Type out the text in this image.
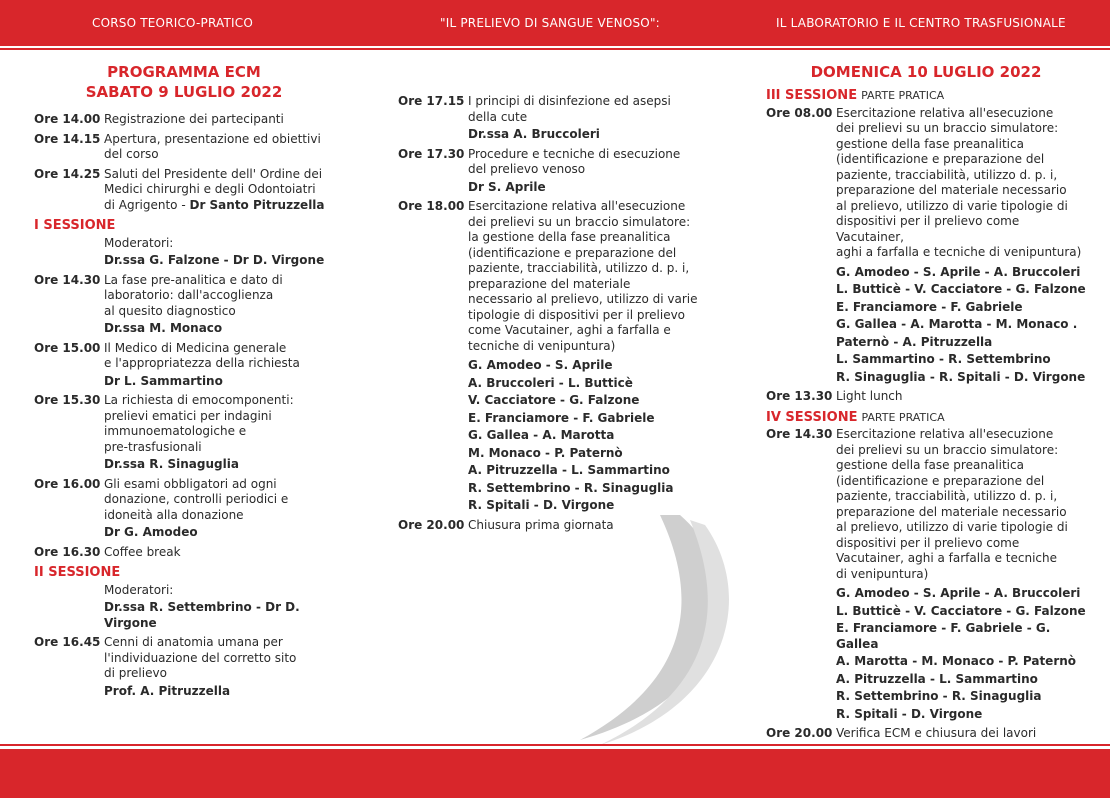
CORSO TEORICO-PRATICO	"IL PRELIEVO DI SANGUE VENOSO":	IL LABORATORIO E IL CENTRO TRASFUSIONALE
PROGRAMMA ECM
SABATO 9 LUGLIO 2022
Ore 14.00 Registrazione dei partecipanti
Ore 14.15 Apertura, presentazione ed obiettivi
del corso
Ore 14.25 Saluti del Presidente dell' Ordine dei
Medici chirurghi e degli Odontoiatri
di Agrigento - Dr Santo Pitruzzella
I SESSIONE
Moderatori:
Dr.ssa G. Falzone - Dr D. Virgone
Ore 14.30 La fase pre-analitica e dato di
laboratorio: dall'accoglienza
al quesito diagnostico
Dr.ssa M. Monaco
Ore 15.00 Il Medico di Medicina generale
e l'appropriatezza della richiesta
Dr L. Sammartino
Ore 15.30 La richiesta di emocomponenti:
prelievi ematici per indagini
immunoematologiche e
pre-trasfusionali
Dr.ssa R. Sinaguglia
Ore 16.00 Gli esami obbligatori ad ogni
donazione, controlli periodici e
idoneità alla donazione
Dr G. Amodeo
Ore 16.30 Coffee break
II SESSIONE
Moderatori:
Dr.ssa R. Settembrino - Dr D. Virgone
Ore 16.45 Cenni di anatomia umana per
l'individuazione del corretto sito
di prelievo
Prof. A. Pitruzzella
Ore 17.15 I principi di disinfezione ed asepsi
della cute
Dr.ssa A. Bruccoleri
Ore 17.30 Procedure e tecniche di esecuzione
del prelievo venoso
Dr S. Aprile
Ore 18.00 Esercitazione relativa all'esecuzione
dei prelievi su un braccio simulatore:
la gestione della fase preanalitica
(identificazione e preparazione del
paziente, tracciabilità, utilizzo d. p. i,
preparazione del materiale
necessario al prelievo, utilizzo di varie
tipologie di dispositivi per il prelievo
come Vacutainer, aghi a farfalla e
tecniche di venipuntura)
G. Amodeo - S. Aprile
A. Bruccoleri - L. Butticè
V. Cacciatore - G. Falzone
E. Franciamore - F. Gabriele
G. Gallea - A. Marotta
M. Monaco - P. Paternò
A. Pitruzzella - L. Sammartino
R. Settembrino - R. Sinaguglia
R. Spitali - D. Virgone
Ore 20.00 Chiusura prima giornata
DOMENICA 10 LUGLIO 2022
III SESSIONE PARTE PRATICA
Ore 08.00 Esercitazione relativa all'esecuzione
dei prelievi su un braccio simulatore:
gestione della fase preanalitica
(identificazione e preparazione del
paziente, tracciabilità, utilizzo d. p. i,
preparazione del materiale necessario
al prelievo, utilizzo di varie tipologie di
dispositivi per il prelievo come Vacutainer,
aghi a farfalla e tecniche di venipuntura)
G. Amodeo - S. Aprile - A. Bruccoleri
L. Butticè - V. Cacciatore - G. Falzone
E. Franciamore - F. Gabriele
G. Gallea - A. Marotta - M. Monaco .
Paternò - A. Pitruzzella
L. Sammartino - R. Settembrino
R. Sinaguglia - R. Spitali - D. Virgone
Ore 13.30 Light lunch
IV SESSIONE PARTE PRATICA
Ore 14.30 Esercitazione relativa all'esecuzione
dei prelievi su un braccio simulatore:
gestione della fase preanalitica
(identificazione e preparazione del
paziente, tracciabilità, utilizzo d. p. i,
preparazione del materiale necessario
al prelievo, utilizzo di varie tipologie di
dispositivi per il prelievo come
Vacutainer, aghi a farfalla e tecniche
di venipuntura)
G. Amodeo - S. Aprile - A. Bruccoleri
L. Butticè - V. Cacciatore - G. Falzone
E. Franciamore - F. Gabriele - G. Gallea
A. Marotta - M. Monaco - P. Paternò
A. Pitruzzella - L. Sammartino
R. Settembrino - R. Sinaguglia
R. Spitali - D. Virgone
Ore 20.00 Verifica ECM e chiusura dei lavori
